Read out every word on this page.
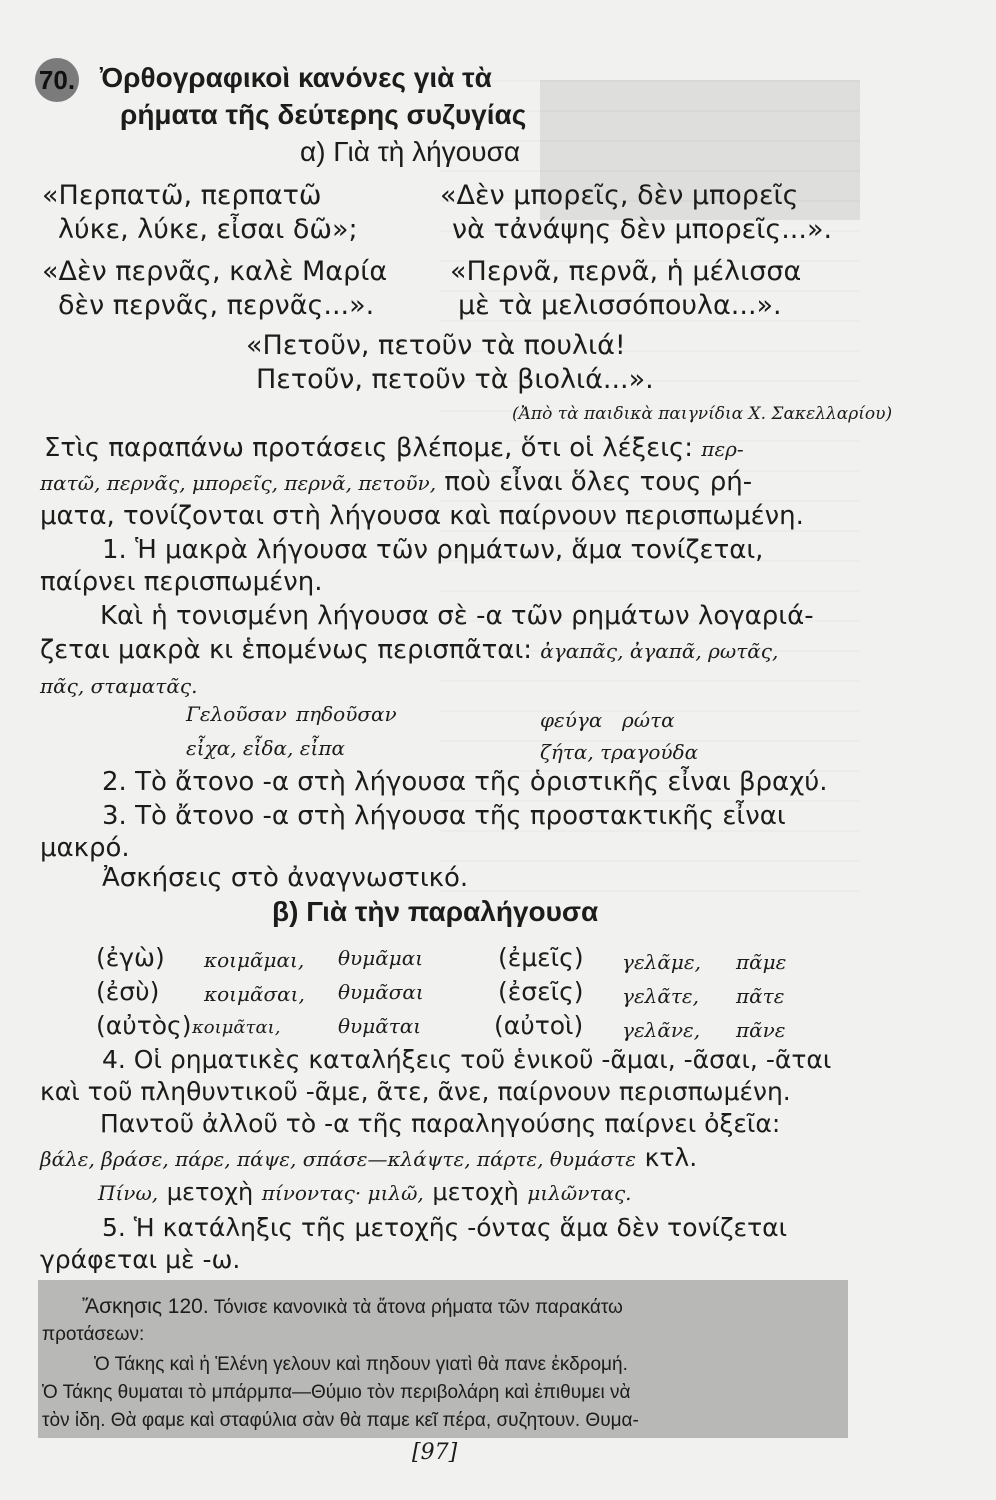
70. Ὀρθογραφικοὶ κανόνες γιὰ τὰ
ρήματα τῆς δεύτερης συζυγίας
α) Γιὰ τὴ λήγουσα
«Περπατῶ, περπατῶ
λύκε, λύκε, εἶσαι δῶ»;
«Δὲν μπορεῖς, δὲν μπορεῖς
νὰ τἀνάψης δὲν μπορεῖς...».
«Δὲν περνᾶς, καλὲ Μαρία
δὲν περνᾶς, περνᾶς...».
«Περνᾶ, περνᾶ, ἡ μέλισσα
μὲ τὰ μελισσόπουλα...».
«Πετοῦν, πετοῦν τὰ πουλιά!
Πετοῦν, πετοῦν τὰ βιολιά...».
(Ἀπὸ τὰ παιδικὰ παιγνίδια Χ. Σακελλαρίου)
Στὶς παραπάνω προτάσεις βλέπομε, ὅτι οἱ λέξεις: περ-
πατῶ, περνᾶς, μπορεῖς, περνᾶ, πετοῦν, ποὺ εἶναι ὅλες τους ρή-
ματα, τονίζονται στὴ λήγουσα καὶ παίρνουν περισπωμένη.
1. Ἡ μακρὰ λήγουσα τῶν ρημάτων, ἅμα τονίζεται,
παίρνει περισπωμένη.
Καὶ ἡ τονισμένη λήγουσα σὲ -α τῶν ρημάτων λογαριά-
ζεται μακρὰ κι ἑπομένως περισπᾶται: ἀγαπᾶς, ἀγαπᾶ, ρωτᾶς,
πᾶς, σταματᾶς.
Γελοῦσαν πηδοῦσαν	φεύγα ρώτα
εἶχα, εἶδα, εἶπα	ζήτα, τραγούδα
2. Τὸ ἄτονο -α στὴ λήγουσα τῆς ὁριστικῆς εἶναι βραχύ.
3. Τὸ ἄτονο -α στὴ λήγουσα τῆς προστακτικῆς εἶναι
μακρό.
Ἀσκήσεις στὸ ἀναγνωστικό.
β) Γιὰ τὴν παραλήγουσα
(ἐγὼ) κοιμᾶμαι, θυμᾶμαι	(ἐμεῖς) γελᾶμε, πᾶμε
(ἐσὺ) κοιμᾶσαι, θυμᾶσαι	(ἐσεῖς) γελᾶτε, πᾶτε
(αὐτὸς) κοιμᾶται,	θυμᾶται	(αὐτοὶ) γελᾶνε, πᾶνε
4. Οἱ ρηματικὲς καταλήξεις τοῦ ἑνικοῦ -ᾶμαι, -ᾶσαι, -ᾶται
καὶ τοῦ πληθυντικοῦ -ᾶμε, ᾶτε, ᾶνε, παίρνουν περισπωμένη.
Παντοῦ ἀλλοῦ τὸ -α τῆς παραληγούσης παίρνει ὀξεῖα:
βάλε, βράσε, πάρε, πάψε, σπάσε—κλάψτε, πάρτε, θυμάστε κτλ.
Πίνω, μετοχὴ πίνοντας· μιλῶ, μετοχὴ μιλῶντας.
5. Ἡ κατάληξις τῆς μετοχῆς -όντας ἅμα δὲν τονίζεται
γράφεται μὲ -ω.
Ἄσκησις 120. Τόνισε κανονικὰ τὰ ἄτονα ρήματα τῶν παρακάτω
προτάσεων:
Ὁ Τάκης καὶ ἡ Ἑλένη γελουν καὶ πηδουν γιατὶ θὰ πανε ἐκδρομή.
Ὁ Τάκης θυμαται τὸ μπάρμπα—Θύμιο τὸν περιβολάρη καὶ ἐπιθυμει νὰ
τὸν ἰδη. Θὰ φαμε καὶ σταφύλια σὰν θὰ παμε κεῖ πέρα, συζητουν. Θυμα-
[97]
